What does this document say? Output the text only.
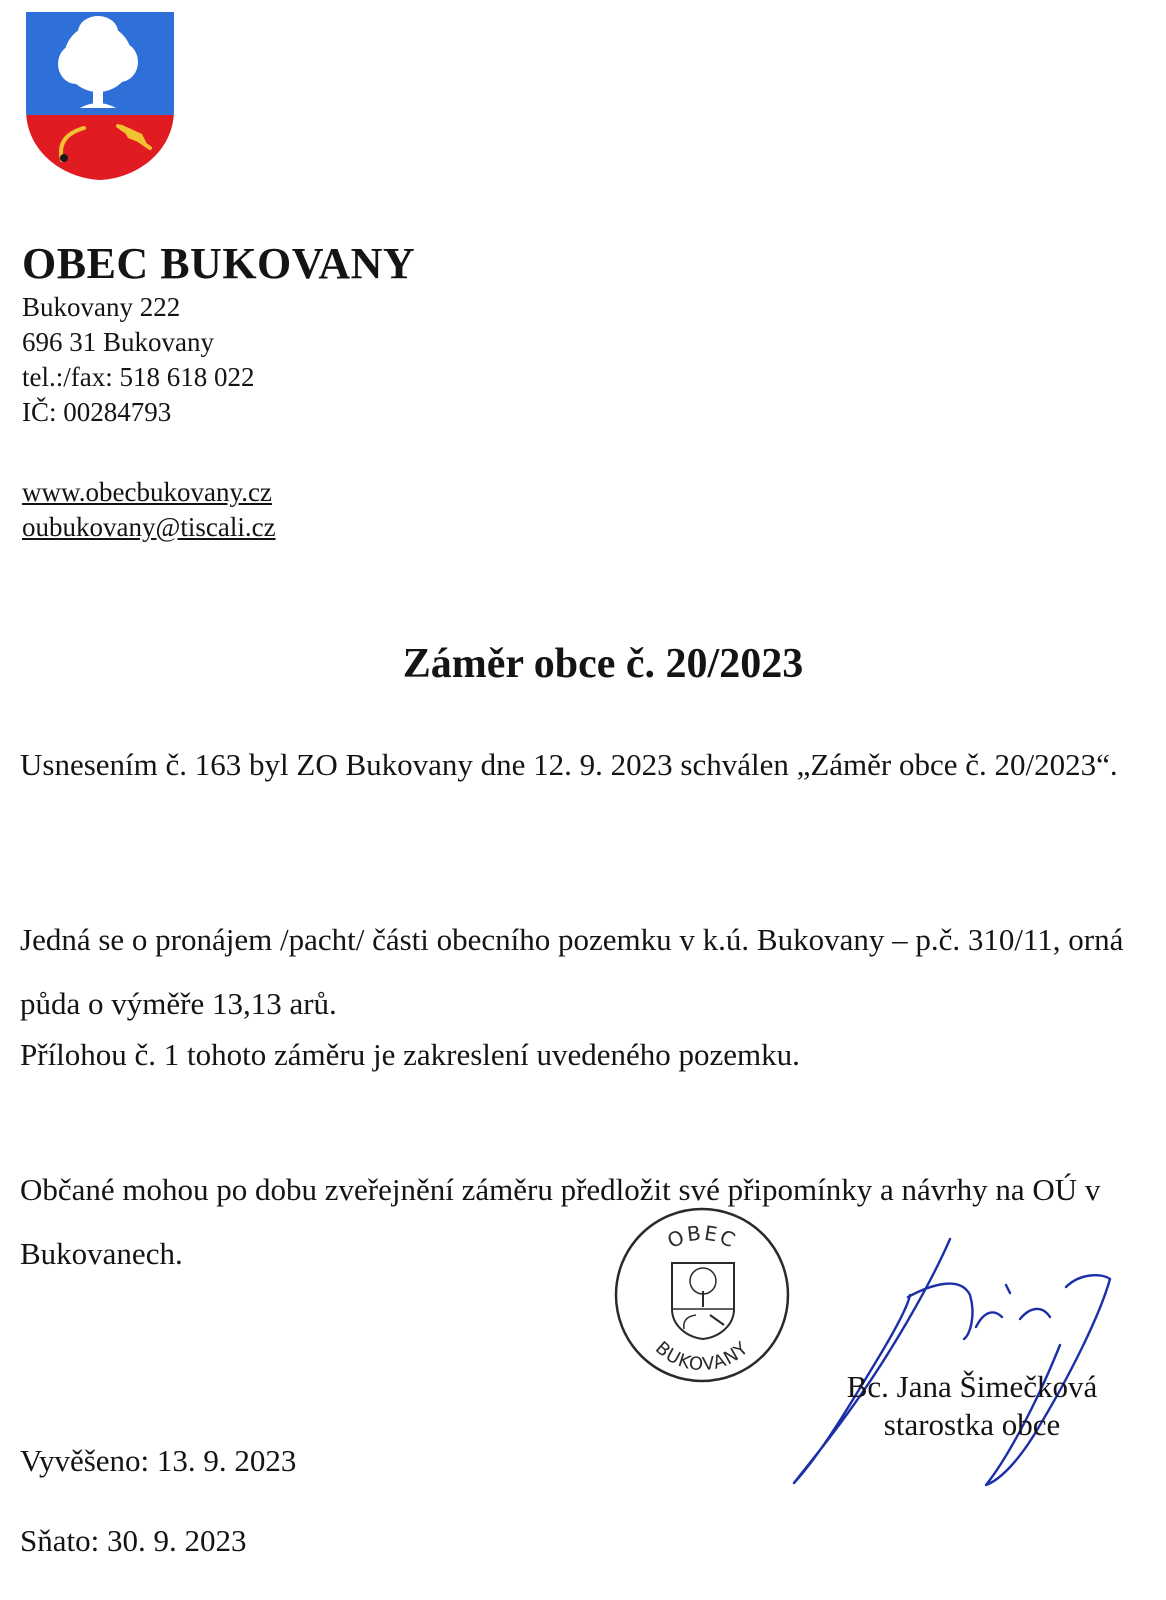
OBEC BUKOVANY
Bukovany 222
696 31 Bukovany
tel.:/fax: 518 618 022
IČ: 00284793
www.obecbukovany.cz
oubukovany@tiscali.cz
Záměr obce č. 20/2023

Usnesením č. 163 byl ZO Bukovany dne 12. 9. 2023 schválen „Záměr obce č. 20/2023“.

Jedná se o pronájem /pacht/ části obecního pozemku v k.ú. Bukovany – p.č. 310/11, orná půda o výměře 13,13 arů.

Přílohou č. 1 tohoto záměru je zakreslení uvedeného pozemku.

Občané mohou po dobu zveřejnění záměru předložit své připomínky a návrhy na OÚ v Bukovanech.	OBEC
BUKOVANY
Bc. Jana Šimečková
starostka obce
Vyvěšeno: 13. 9. 2023
Sňato: 30. 9. 2023
